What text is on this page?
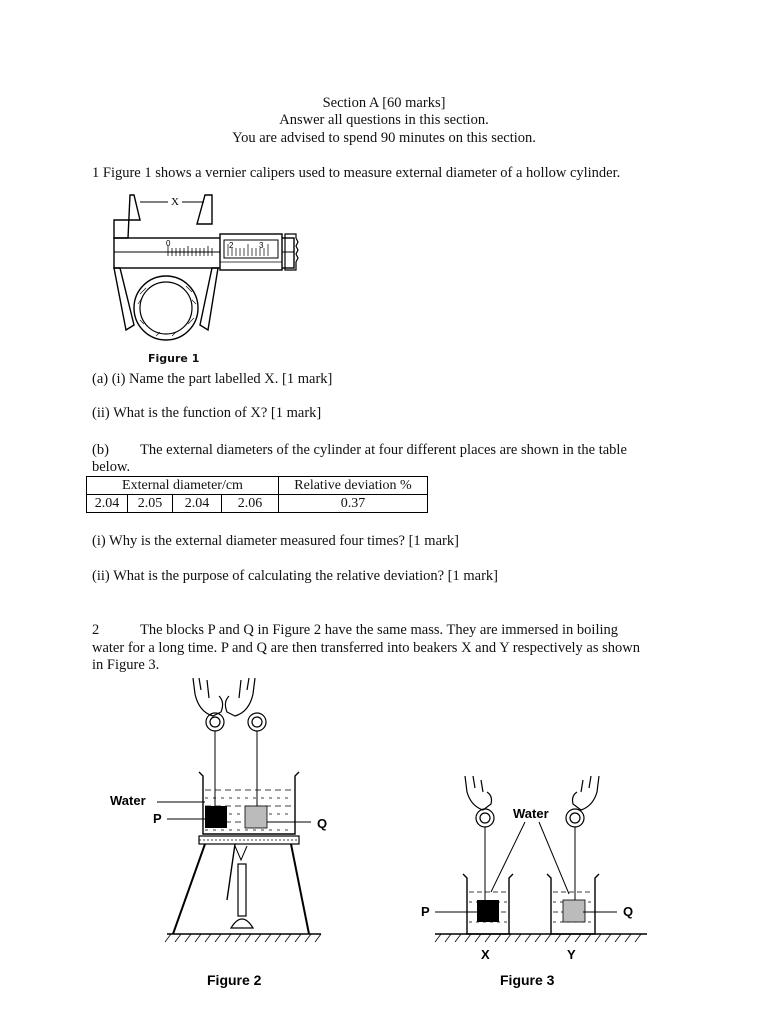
Section A [60 marks]
Answer all questions in this section.
You are advised to spend 90 minutes on this section.
1 Figure 1 shows a vernier calipers used to measure external diameter of a hollow cylinder.
X
0	2	3
Figure 1
(a) (i) Name the part labelled X. [1 mark]
(ii) What is the function of X? [1 mark]
(b) The external diameters of the cylinder at four different places are shown in the table
below.
External diameter/cm				Relative deviation %
2.04	2.05	2.04	2.06	0.37
(i) Why is the external diameter measured four times? [1 mark]
(ii) What is the purpose of calculating the relative deviation? [1 mark]
2	The blocks P and Q in Figure 2 have the same mass. They are immersed in boiling
water for a long time. P and Q are then transferred into beakers X and Y respectively as shown
in Figure 3.
Water
P	Q
Figure 2
Water
P	Q
X	Y
Figure 3
